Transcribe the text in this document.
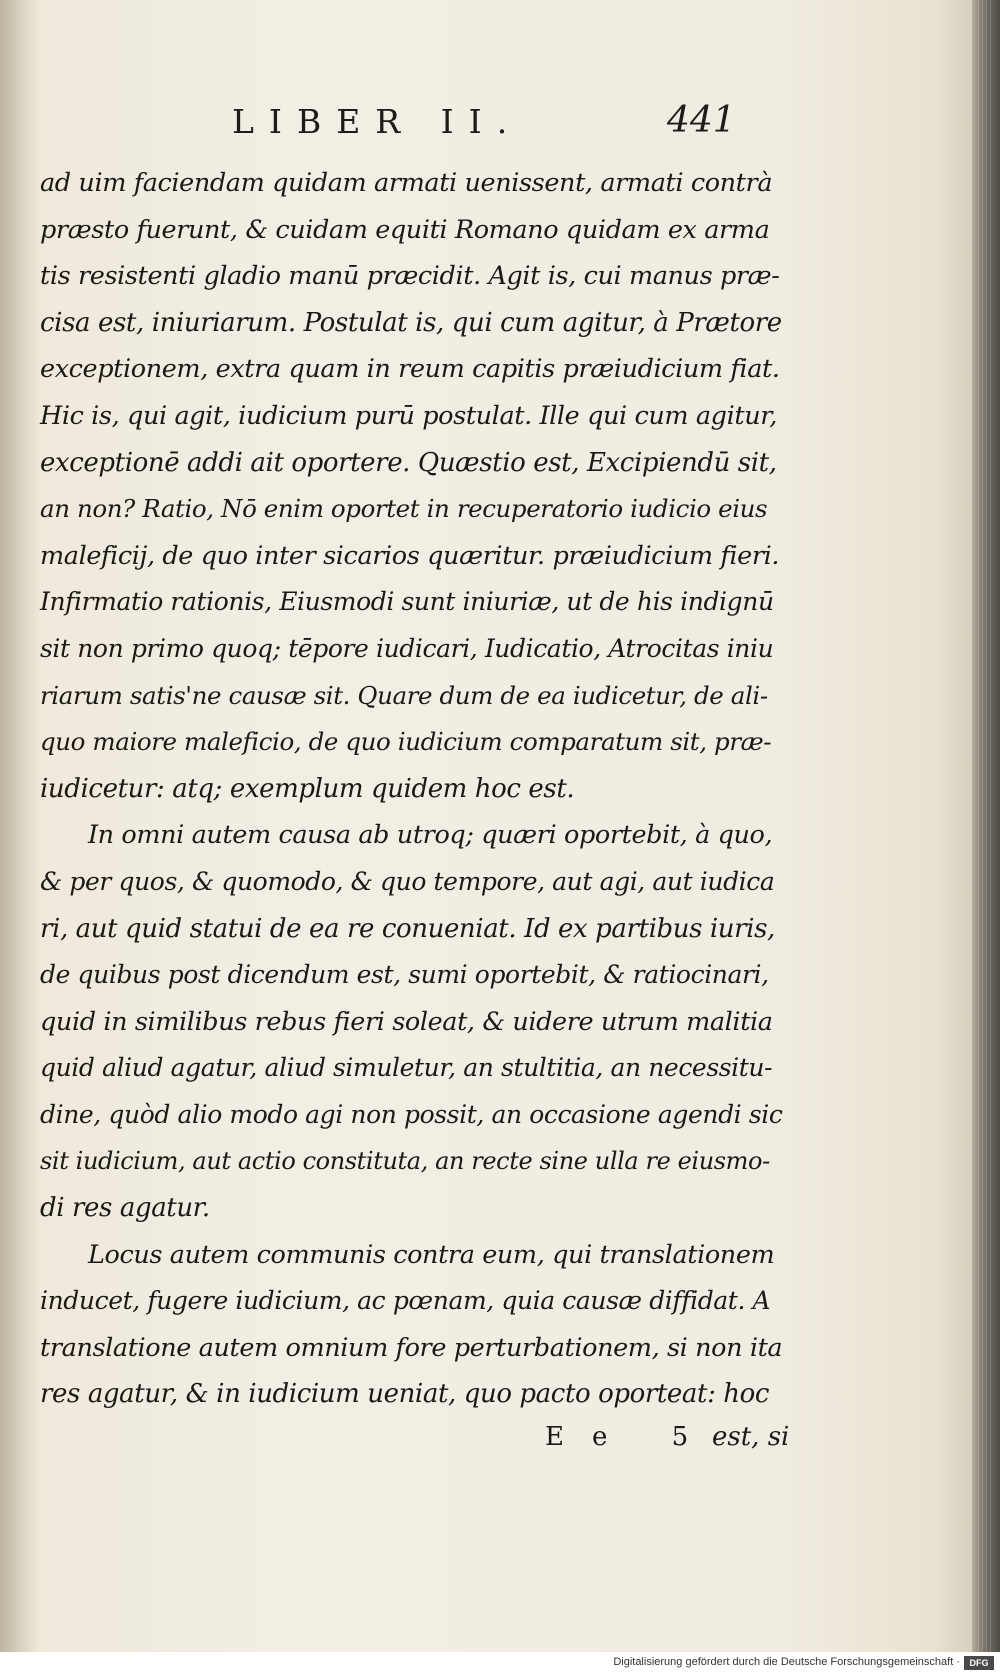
LIBER II.	441
ad uim faciendam quidam armati uenissent, armati contrà
præsto fuerunt, & cuidam equiti Romano quidam ex arma
tis resistenti gladio manū præcidit. Agit is, cui manus præ-
cisa est, iniuriarum. Postulat is, qui cum agitur, à Prætore
exceptionem, extra quam in reum capitis præiudicium fiat.
Hic is, qui agit, iudicium purū postulat. Ille qui cum agitur,
exceptionē addi ait oportere. Quæstio est, Excipiendū sit,
an non? Ratio, Nō enim oportet in recuperatorio iudicio eius
maleficij, de quo inter sicarios quæritur. præiudicium fieri.
Infirmatio rationis, Eiusmodi sunt iniuriæ, ut de his indignū
sit non primo quoq; tēpore iudicari, Iudicatio, Atrocitas iniu
riarum satis'ne causæ sit. Quare dum de ea iudicetur, de ali-
quo maiore maleficio, de quo iudicium comparatum sit, præ-
iudicetur: atq; exemplum quidem hoc est.
In omni autem causa ab utroq; quæri oportebit, à quo,
& per quos, & quomodo, & quo tempore, aut agi, aut iudica
ri, aut quid statui de ea re conueniat. Id ex partibus iuris,
de quibus post dicendum est, sumi oportebit, & ratiocinari,
quid in similibus rebus fieri soleat, & uidere utrum malitia
quid aliud agatur, aliud simuletur, an stultitia, an necessitu-
dine, quòd alio modo agi non possit, an occasione agendi sic
sit iudicium, aut actio constituta, an recte sine ulla re eiusmo-
di res agatur.
Locus autem communis contra eum, qui translationem
inducet, fugere iudicium, ac pœnam, quia causæ diffidat. A
translatione autem omnium fore perturbationem, si non ita
res agatur, & in iudicium ueniat, quo pacto oporteat: hoc
Ee 5
est, si
Digitalisierung gefördert durch die Deutsche Forschungsgemeinschaft ·	DFG
